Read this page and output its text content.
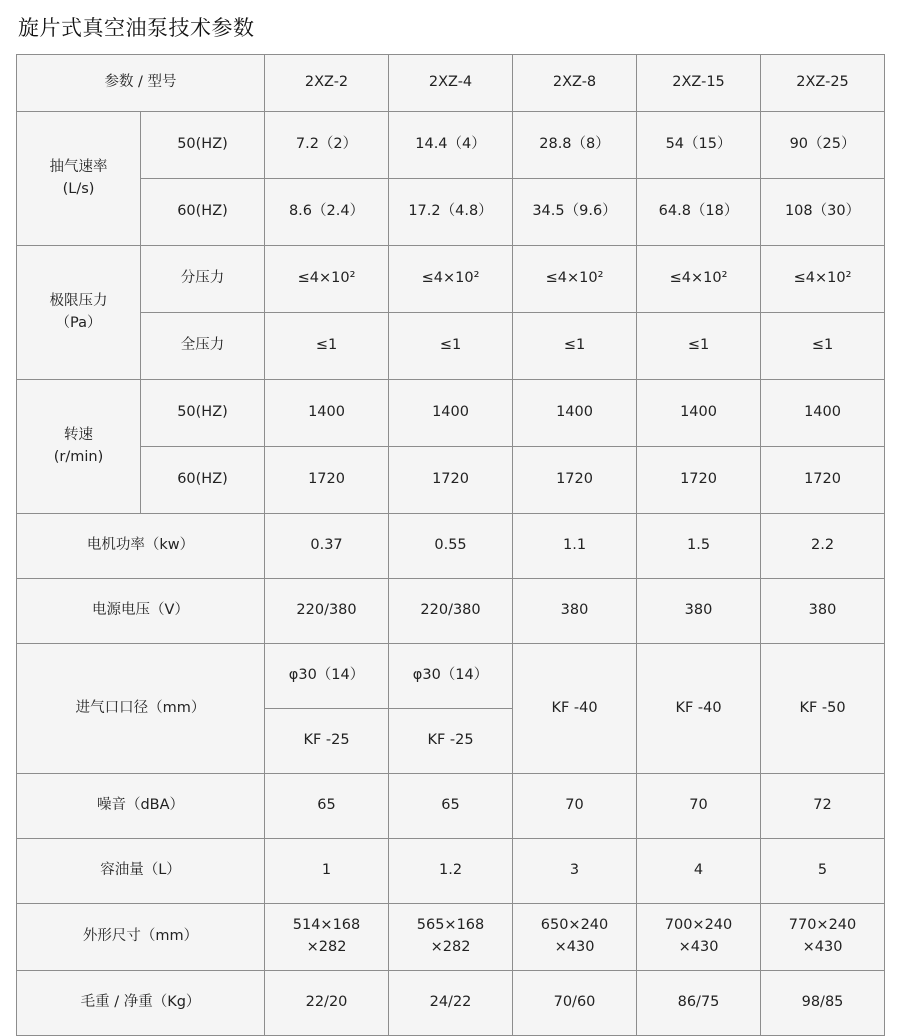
旋片式真空油泵技术参数
参数 / 型号		2XZ-2	2XZ-4	2XZ-8	2XZ-15	2XZ-25

抽气速率
(L/s)	50(HZ)	7.2（2）	14.4（4）	28.8（8）	54（15）	90（25）
	60(HZ)	8.6（2.4）	17.2（4.8）	34.5（9.6）	64.8（18）	108（30）

极限压力
（Pa）	分压力	≤4×10²	≤4×10²	≤4×10²	≤4×10²	≤4×10²
	全压力	≤1	≤1	≤1	≤1	≤1

转速
(r/min)	50(HZ)	1400	1400	1400	1400	1400
	60(HZ)	1720	1720	1720	1720	1720
电机功率（kw）		0.37	0.55	1.1	1.5	2.2
电源电压（V）		220/380	220/380	380	380	380
进气口口径（mm）		φ30（14）	φ30（14）	KF -40	KF -40	KF -50
		KF -25	KF -25			
噪音（dBA）		65	65	70	70	72
容油量（L）		1	1.2	3	4	5
外形尺寸（mm）		514×168
×282	565×168
×282	650×240
×430	700×240
×430	770×240
×430

毛重 / 净重（Kg）		22/20	24/22	70/60	86/75	98/85
